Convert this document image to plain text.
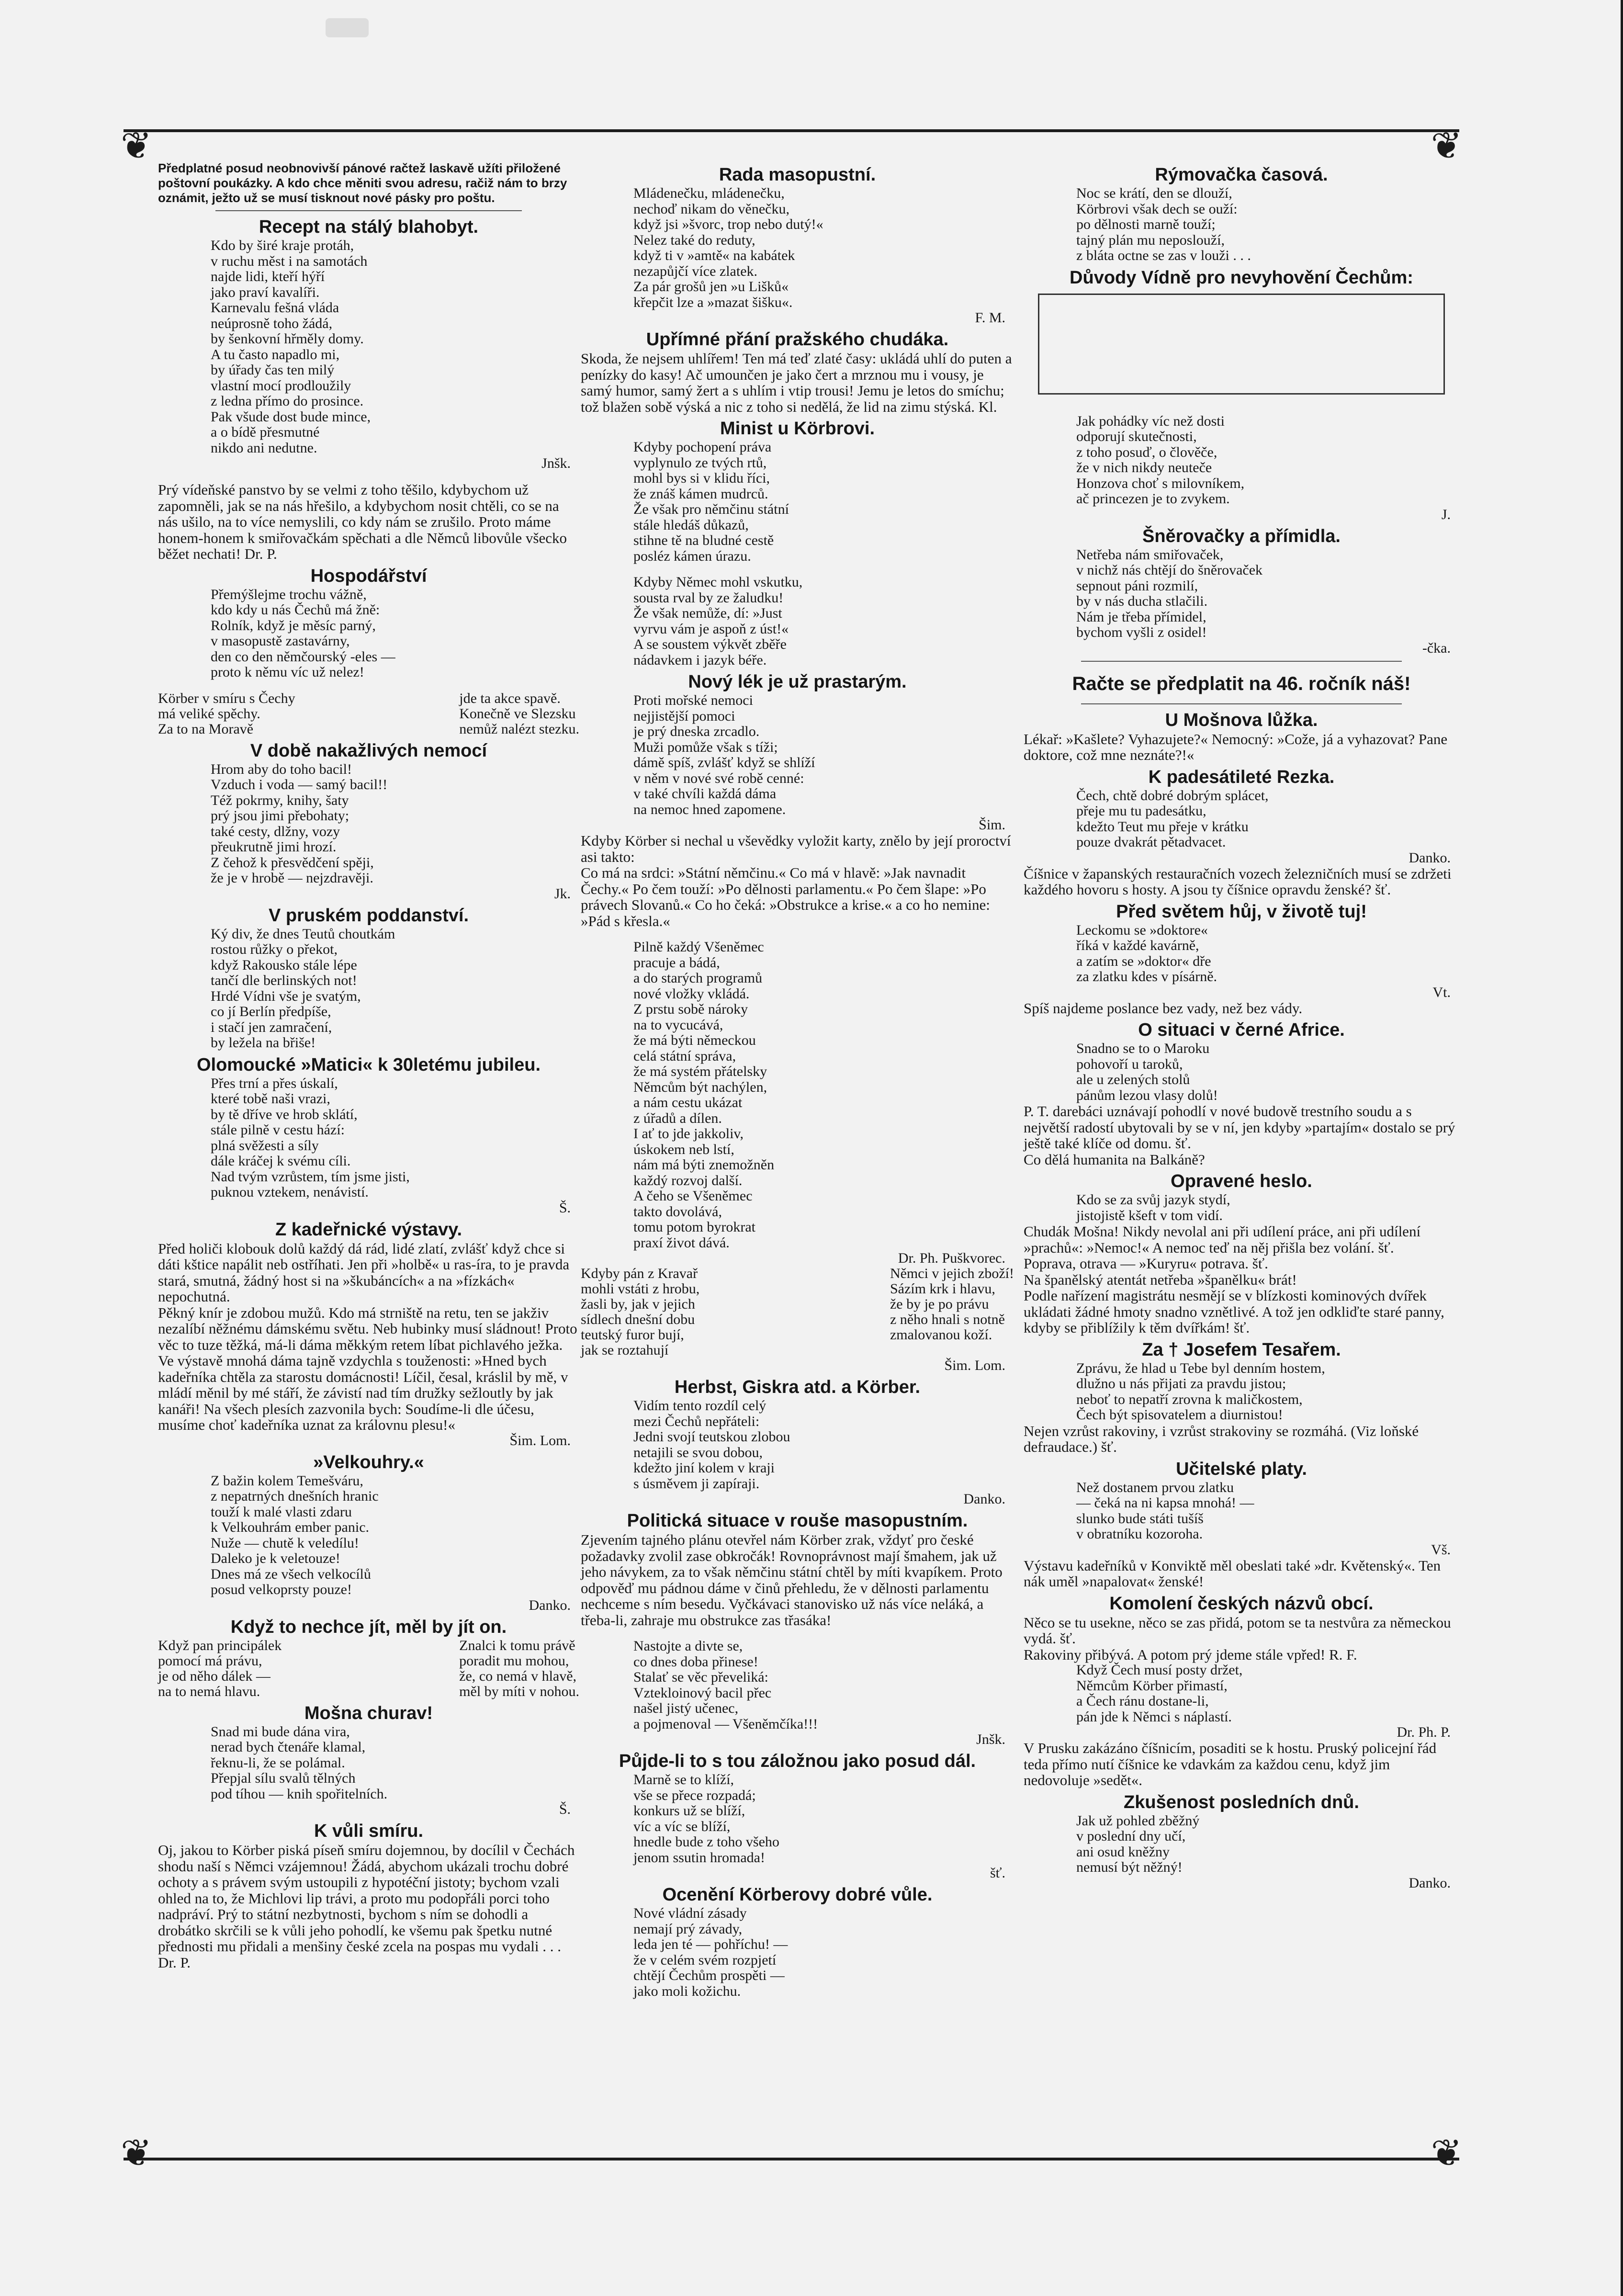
❦	❦
❦	❦
Předplatné posud neobnovivší pánové račtež laskavě užíti přiložené poštovní poukázky. A kdo chce měniti svou adresu, račiž nám to brzy oznámit, ježto už se musí tisknout nové pásky pro poštu.
Recept na stálý blahobyt.
Kdo by širé kraje protáh,
v ruchu měst i na samotách
najde lidi, kteří hýří
jako praví kavalíři.
Karnevalu fešná vláda
neúprosně toho žádá,
by šenkovní hřměly domy.
A tu často napadlo mi,
by úřady čas ten milý
vlastní mocí prodloužily
z ledna přímo do prosince.
Pak všude dost bude mince,
a o bídě přesmutné
nikdo ani nedutne.
Jnšk.
Prý vídeňské panstvo by se velmi z toho těšilo, kdybychom už zapomněli, jak se na nás hřešilo, a kdybychom nosit chtěli, co se na nás ušilo, na to více nemyslili, co kdy nám se zrušilo. Proto máme honem-honem k smiřovačkám spěchati a dle Němců libovůle všecko běžet nechati! Dr. P.
Hospodářství
Přemýšlejme trochu vážně,
kdo kdy u nás Čechů má žně:
Rolník, když je měsíc parný,
v masopustě zastavárny,
den co den němčourský -eles —
proto k němu víc už nelez!
Körber v smíru s Čechy
má veliké spěchy.
Za to na Moravě
jde ta akce spavě.
Konečně ve Slezsku
nemůž nalézt stezku.
V době nakažlivých nemocí
Hrom aby do toho bacil!
Vzduch i voda — samý bacil!!
Též pokrmy, knihy, šaty
prý jsou jimi přebohaty;
také cesty, dlžny, vozy
přeukrutně jimi hrozí.
Z čehož k přesvědčení spěji,
že je v hrobě — nejzdravěji.
Jk.
V pruském poddanství.
Ký div, že dnes Teutů choutkám
rostou růžky o překot,
když Rakousko stále lépe
tančí dle berlinských not!
Hrdé Vídni vše je svatým,
co jí Berlín předpíše,
i stačí jen zamračení,
by ležela na břiše!
Olomoucké »Matici« k 30letému jubileu.
Přes trní a přes úskalí,
které tobě naši vrazi,
by tě dříve ve hrob sklátí,
stále pilně v cestu hází:
plná svěžesti a síly
dále kráčej k svému cíli.
Nad tvým vzrůstem, tím jsme jisti,
puknou vztekem, nenávistí.
Š.
Z kadeřnické výstavy.
Před holiči klobouk dolů každý dá rád, lidé zlatí, zvlášť když chce si dáti kštice napálit neb ostříhati. Jen při »holbě« u ras-íra, to je pravda stará, smutná, žádný host si na »škubáncích« a na »fízkách« nepochutná.
Pěkný knír je zdobou mužů. Kdo má strniště na retu, ten se jakživ nezalíbí něžnému dámskému světu. Neb hubinky musí sládnout! Proto věc to tuze těžká, má-li dáma měkkým retem líbat pichlavého ježka.
Ve výstavě mnohá dáma tajně vzdychla s touženosti: »Hned bych kadeřníka chtěla za starostu domácnosti! Líčil, česal, kráslil by mě, v mládí měnil by mé stáří, že závistí nad tím družky sežloutly by jak kanáři! Na všech plesích zazvonila bych: Soudíme-li dle účesu, musíme choť kadeřníka uznat za královnu plesu!«
Šim. Lom.
»Velkouhry.«
Z bažin kolem Temešváru,
z nepatrných dnešních hranic
touží k malé vlasti zdaru
k Velkouhrám ember panic.
Nuže — chutě k veledílu!
Daleko je k veletouze!
Dnes má ze všech velkocílů
posud velkoprsty pouze!
Danko.
Když to nechce jít, měl by jít on.
Když pan principálek
pomocí má právu,
je od něho dálek —
na to nemá hlavu.
Znalci k tomu právě
poradit mu mohou,
že, co nemá v hlavě,
měl by míti v nohou.
Mošna churav!
Snad mi bude dána vira,
nerad bych čtenáře klamal,
řeknu-li, že se polámal.
Přepjal sílu svalů tělných
pod tíhou — knih spořitelních.
Š.
K vůli smíru.
Oj, jakou to Körber piská píseň smíru dojemnou, by docílil v Čechách shodu naší s Němci vzájemnou! Žádá, abychom ukázali trochu dobré ochoty a s právem svým ustoupili z hypotéční jistoty; bychom vzali ohled na to, že Michlovi lip trávi, a proto mu podopřáli porci toho nadpráví. Prý to státní nezbytnosti, bychom s ním se dohodli a drobátko skrčili se k vůli jeho pohodlí, ke všemu pak špetku nutné přednosti mu přidali a menšiny české zcela na pospas mu vydali . . . Dr. P.
Rada masopustní.
Mládenečku, mládenečku,
nechoď nikam do věnečku,
když jsi »švorc, trop nebo dutý!«
Nelez také do reduty,
když ti v »amtě« na kabátek
nezapůjčí více zlatek.
Za pár grošů jen »u Lišků«
křepčit lze a »mazat šišku«.
F. M.
Upřímné přání pražského chudáka.
Skoda, že nejsem uhlířem! Ten má teď zlaté časy: ukládá uhlí do puten a penízky do kasy! Ač umounčen je jako čert a mrznou mu i vousy, je samý humor, samý žert a s uhlím i vtip trousi! Jemu je letos do smíchu; tož blažen sobě výská a nic z toho si nedělá, že lid na zimu stýská. Kl.
Minist u Körbrovi.
Kdyby pochopení práva
vyplynulo ze tvých rtů,
mohl bys si v klidu říci,
že znáš kámen mudrců.
Že však pro němčinu státní
stále hledáš důkazů,
stihne tě na bludné cestě
posléz kámen úrazu.
Kdyby Němec mohl vskutku,
sousta rval by ze žaludku!
Že však nemůže, dí: »Just
vyrvu vám je aspoň z úst!«
A se soustem výkvět zběře
nádavkem i jazyk béře.
Nový lék je už prastarým.
Proti mořské nemoci
nejjistější pomoci
je prý dneska zrcadlo.
Muži pomůže však s tíži;
dámě spíš, zvlášť když se shlíží
v něm v nové své robě cenné:
v také chvíli každá dáma
na nemoc hned zapomene.
Šim.
Kdyby Körber si nechal u vševědky vyložit karty, znělo by její proroctví asi takto:
Co má na srdci: »Státní němčinu.« Co má v hlavě: »Jak navnadit Čechy.« Po čem touží: »Po dělnosti parlamentu.« Po čem šlape: »Po právech Slovanů.« Co ho čeká: »Obstrukce a krise.« a co ho nemine: »Pád s křesla.«
Pilně každý Všeněmec
pracuje a bádá,
a do starých programů
nové vložky vkládá.
Z prstu sobě nároky
na to vycucává,
že má býti německou
celá státní správa,
že má systém přátelsky
Němcům být nachýlen,
a nám cestu ukázat
z úřadů a dílen.
I ať to jde jakkoliv,
úskokem neb lstí,
nám má býti znemožněn
každý rozvoj další.
A čeho se Všeněmec
takto dovolává,
tomu potom byrokrat
praxí život dává.
Dr. Ph. Puškvorec.
Kdyby pán z Kravař
mohli vstáti z hrobu,
žasli by, jak v jejich
sídlech dnešní dobu
teutský furor bují,
jak se roztahují
Němci v jejich zboží!
Sázím krk i hlavu,
že by je po právu
z něho hnali s notně
zmalovanou koží.
Šim. Lom.
Herbst, Giskra atd. a Körber.
Vidím tento rozdíl celý
mezi Čechů nepřáteli:
Jedni svojí teutskou zlobou
netajili se svou dobou,
kdežto jiní kolem v kraji
s úsměvem ji zapíraji.
Danko.
Politická situace v rouše masopustním.
Zjevením tajného plánu otevřel nám Körber zrak, vždyť pro české požadavky zvolil zase obkročák! Rovnoprávnost mají šmahem, jak už jeho návykem, za to však němčinu státní chtěl by míti kvapíkem. Proto odpověď mu pádnou dáme v činů přehledu, že v dělnosti parlamentu nechceme s ním besedu. Vyčkávaci stanovisko už nás více neláká, a třeba-li, zahraje mu obstrukce zas třasáka!
Nastojte a divte se,
co dnes doba přinese!
Stalať se věc převeliká:
Vztekloinový bacil přec
našel jistý učenec,
a pojmenoval — Všeněmčíka!!!
Jnšk.
Půjde-li to s tou záložnou jako posud dál.
Marně se to klíží,
vše se přece rozpadá;
konkurs už se blíží,
víc a víc se blíží,
hnedle bude z toho všeho
jenom ssutin hromada!
šť.
Ocenění Körberovy dobré vůle.
Nové vládní zásady
nemají prý závady,
leda jen té — pohříchu! —
že v celém svém rozpjetí
chtějí Čechům prospěti —
jako moli kožichu.
Rýmovačka časová.
Noc se krátí, den se dlouží,
Körbrovi však dech se ouží:
po dělnosti marně touží;
tajný plán mu neposlouží,
z bláta octne se zas v louži . . .
Důvody Vídně pro nevyhovění Čechům:
Jak pohádky víc než dosti
odporují skutečnosti,
z toho posuď, o člověče,
že v nich nikdy neuteče
Honzova choť s milovníkem,
ač princezen je to zvykem.
J.
Šněrovačky a přímidla.
Netřeba nám smiřovaček,
v nichž nás chtějí do šněrovaček
sepnout páni rozmilí,
by v nás ducha stlačili.
Nám je třeba přímidel,
bychom vyšli z osidel!
-čka.
Račte se předplatit na 46. ročník náš!
U Mošnova lůžka.
Lékař: »Kašlete? Vyhazujete?« Nemocný: »Cože, já a vyhazovat? Pane doktore, což mne neznáte?!«
K padesátileté Rezka.
Čech, chtě dobré dobrým splácet,
přeje mu tu padesátku,
kdežto Teut mu přeje v krátku
pouze dvakrát pětadvacet.
Danko.
Číšnice v žapanských restauračních vozech železničních musí se zdržeti každého hovoru s hosty. A jsou ty číšnice opravdu ženské? šť.
Před světem hůj, v životě tuj!
Leckomu se »doktore«
říká v každé kavárně,
a zatím se »doktor« dře
za zlatku kdes v písárně.
Vt.
Spíš najdeme poslance bez vady, než bez vády.
O situaci v černé Africe.
Snadno se to o Maroku
pohovoří u taroků,
ale u zelených stolů
pánům lezou vlasy dolů!
P. T. darebáci uznávají pohodlí v nové budově trestního soudu a s největší radostí ubytovali by se v ní, jen kdyby »partajím« dostalo se prý ještě také klíče od domu. šť.
Co dělá humanita na Balkáně?
Opravené heslo.
Kdo se za svůj jazyk stydí,
jistojistě kšeft v tom vidí.
Chudák Mošna! Nikdy nevolal ani při udílení práce, ani při udílení »prachů«: »Nemoc!« A nemoc teď na něj přišla bez volání. šť.
Poprava, otrava — »Kuryru« potrava. šť.
Na španělský atentát netřeba »španělku« brát!
Podle nařízení magistrátu nesmějí se v blízkosti kominových dvířek ukládati žádné hmoty snadno vznětlivé. A tož jen odkliďte staré panny, kdyby se přiblížily k těm dvířkám! šť.
Za † Josefem Tesařem.
Zprávu, že hlad u Tebe byl denním hostem,
dlužno u nás přijati za pravdu jistou;
neboť to nepatří zrovna k maličkostem,
Čech být spisovatelem a diurnistou!
Nejen vzrůst rakoviny, i vzrůst strakoviny se rozmáhá. (Viz loňské defraudace.) šť.
Učitelské platy.
Než dostanem prvou zlatku
— čeká na ni kapsa mnohá! —
slunko bude státi tušíš
v obratníku kozoroha.
Vš.
Výstavu kadeřníků v Konviktě měl obeslati také »dr. Květenský«. Ten nák uměl »napalovat« ženské!
Komolení českých názvů obcí.
Něco se tu usekne, něco se zas přidá, potom se ta nestvůra za německou vydá. šť.
Rakoviny přibývá. A potom prý jdeme stále vpřed! R. F.
Když Čech musí posty držet,
Němcům Körber přimastí,
a Čech ránu dostane-li,
pán jde k Němci s náplastí.
Dr. Ph. P.
V Prusku zakázáno číšnicím, posaditi se k hostu. Pruský policejní řád teda přímo nutí číšnice ke vdavkám za každou cenu, když jim nedovoluje »sedět«.
Zkušenost posledních dnů.
Jak už pohled zběžný
v poslední dny učí,
ani osud kněžny
nemusí být něžný!
Danko.
